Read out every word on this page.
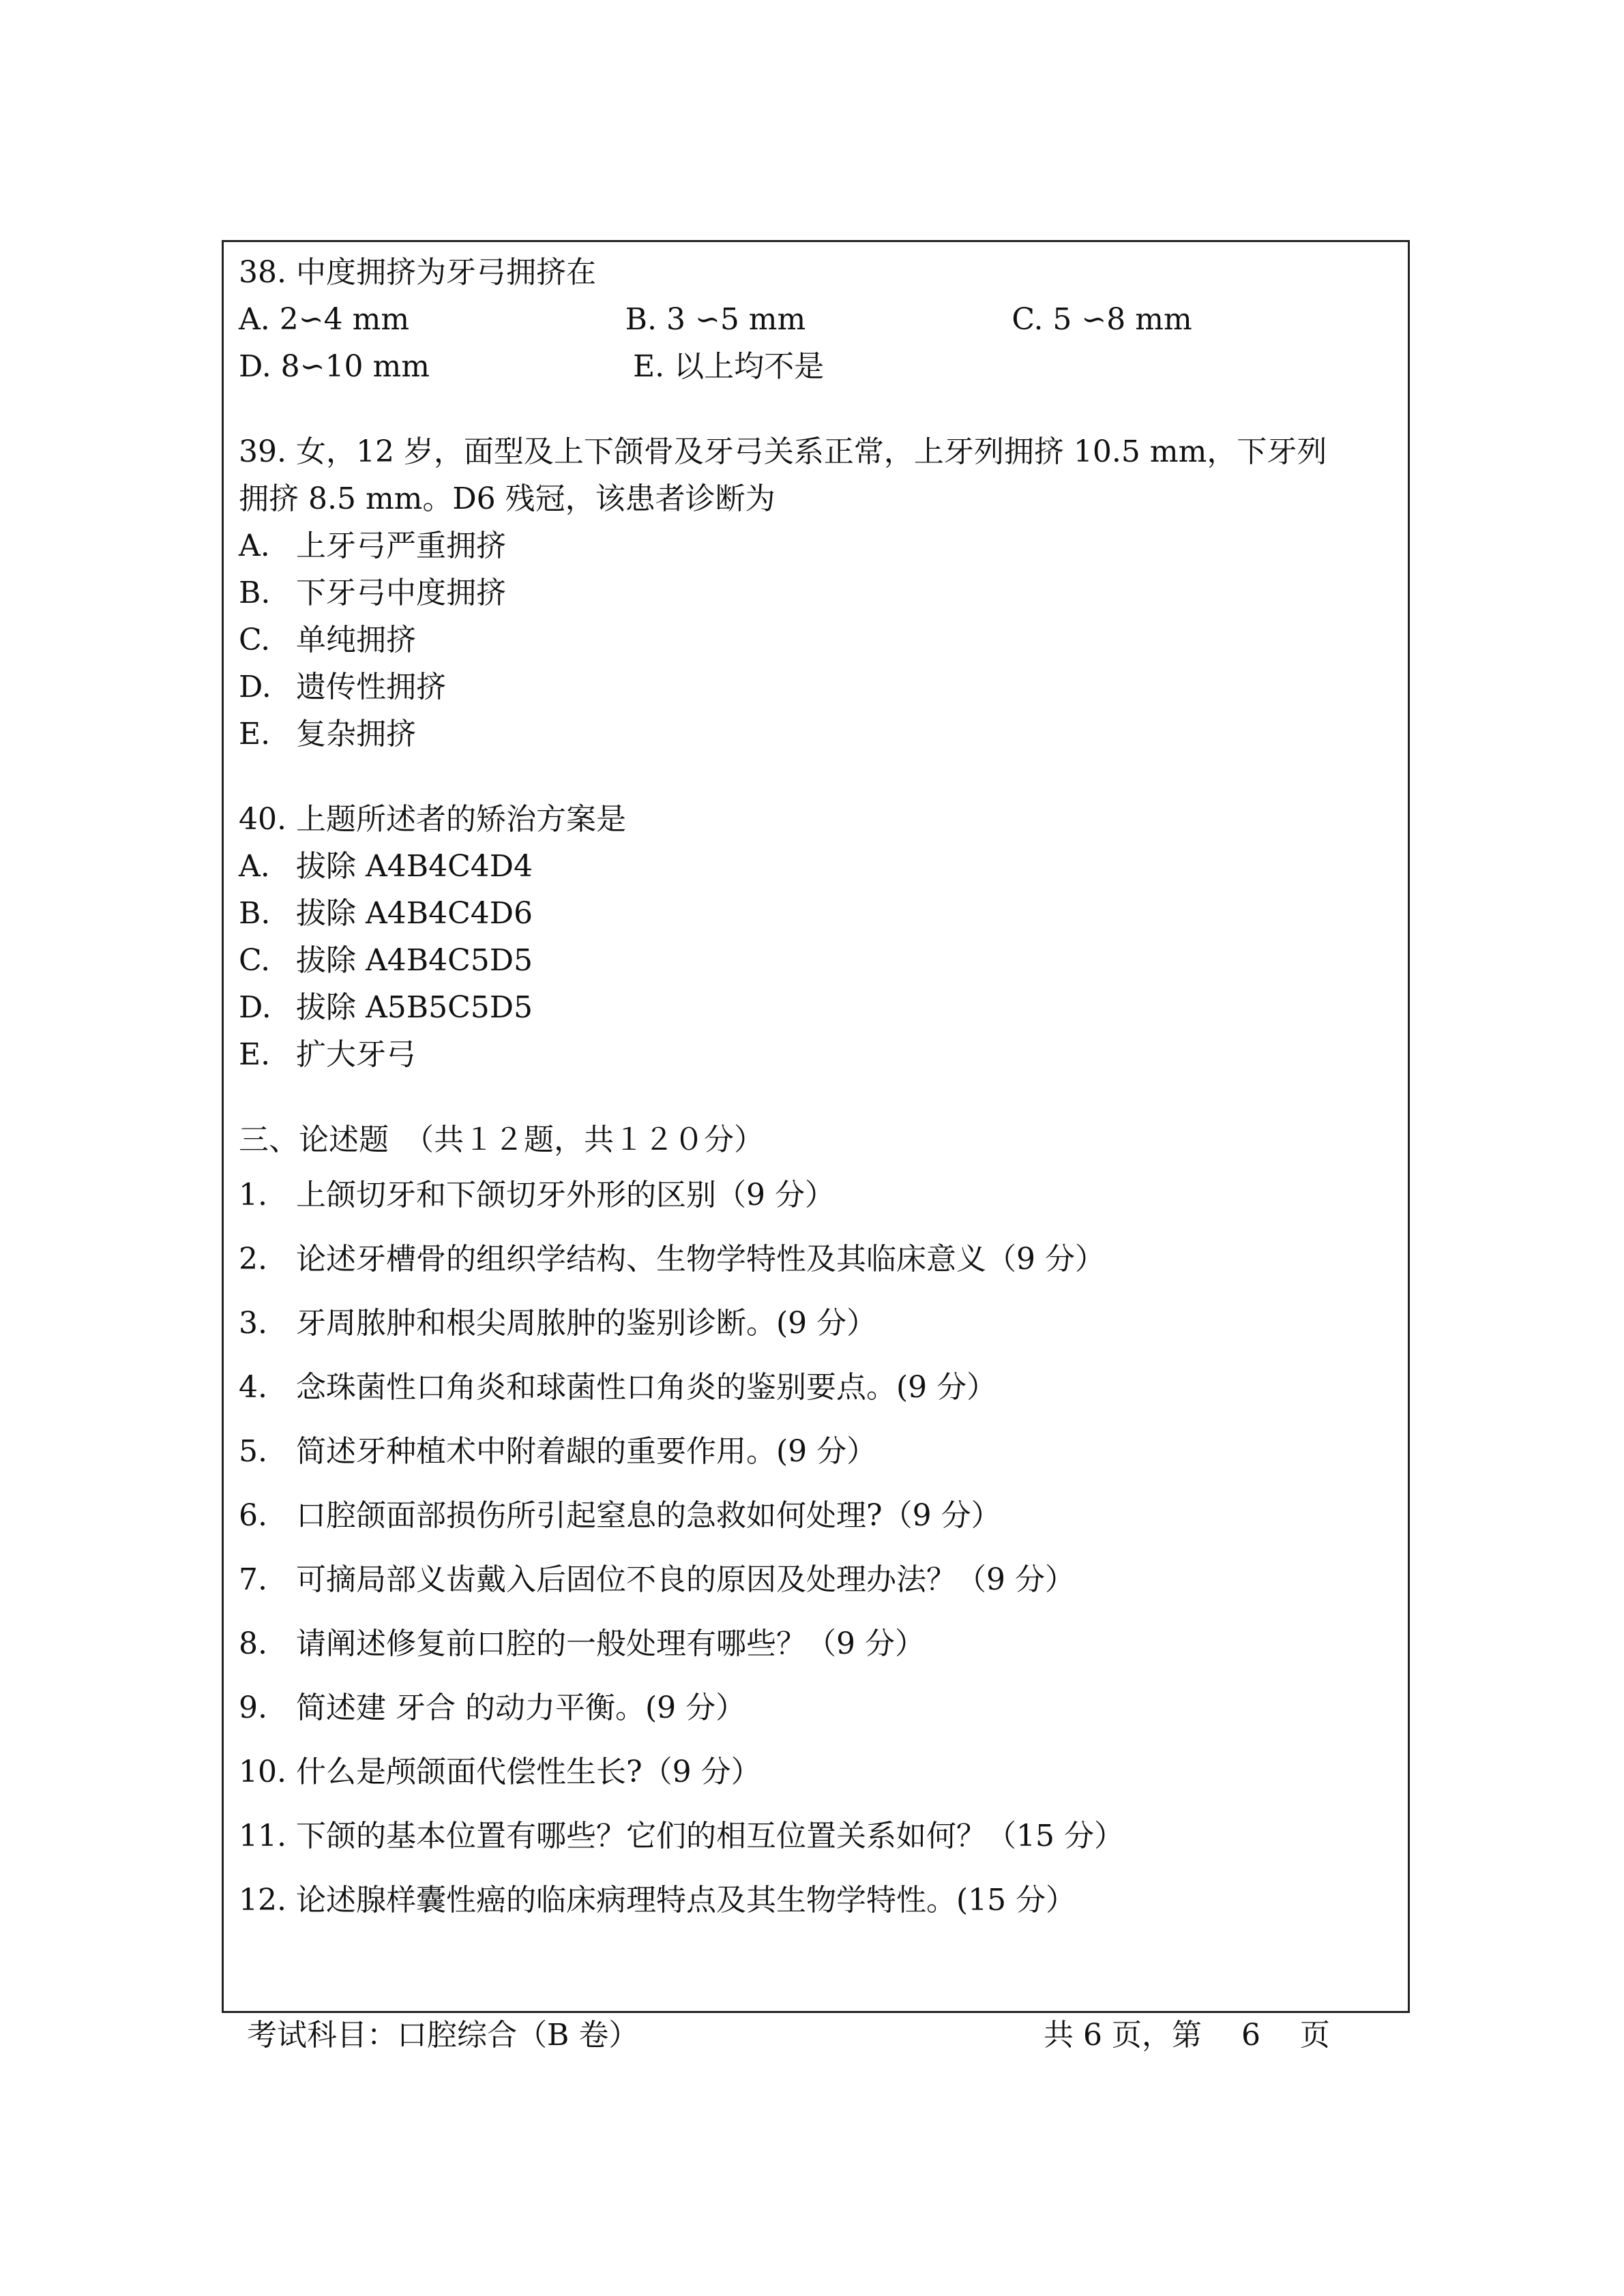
38. 中度拥挤为牙弓拥挤在
A. 2∽4 mm	B. 3 ∽5 mm	C. 5 ∽8 mm
D. 8∽10 mm	E. 以上均不是
39. 女，12 岁，面型及上下颌骨及牙弓关系正常，上牙列拥挤 10.5 mm，下牙列
拥挤 8.5 mm。D6 残冠，该患者诊断为
A. 上牙弓严重拥挤
B. 下牙弓中度拥挤
C. 单纯拥挤
D. 遗传性拥挤
E. 复杂拥挤
40. 上题所述者的矫治方案是
A. 拔除 A4B4C4D4
B. 拔除 A4B4C4D6
C. 拔除 A4B4C5D5
D. 拔除 A5B5C5D5
E. 扩大牙弓
三、论述题　（共１２题，共１２０分）
1. 上颌切牙和下颌切牙外形的区别（9 分）
2. 论述牙槽骨的组织学结构、生物学特性及其临床意义（9 分）
3. 牙周脓肿和根尖周脓肿的鉴别诊断。(9 分）
4. 念珠菌性口角炎和球菌性口角炎的鉴别要点。(9 分）
5. 简述牙种植术中附着龈的重要作用。(9 分）
6. 口腔颌面部损伤所引起窒息的急救如何处理?（9 分）
7. 可摘局部义齿戴入后固位不良的原因及处理办法？（9 分）
8. 请阐述修复前口腔的一般处理有哪些？（9 分）
9. 简述建 牙合 的动力平衡。(9 分）
10. 什么是颅颌面代偿性生长?（9 分）
11. 下颌的基本位置有哪些？它们的相互位置关系如何？（15 分）
12. 论述腺样囊性癌的临床病理特点及其生物学特性。(15 分）
考试科目：口腔综合（B 卷）	共 6 页，第　 6　 页
